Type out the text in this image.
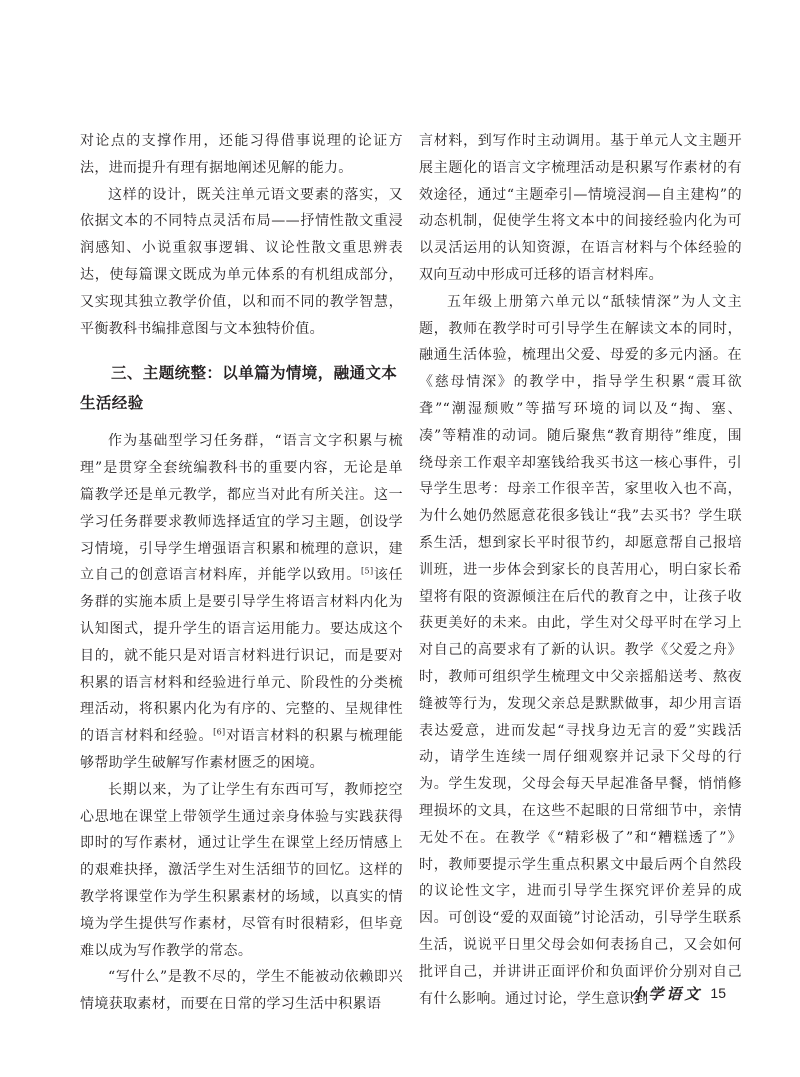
对论点的支撑作用，还能习得借事说理的论证方法，进而提升有理有据地阐述见解的能力。

这样的设计，既关注单元语文要素的落实，又依据文本的不同特点灵活布局——抒情性散文重浸润感知、小说重叙事逻辑、议论性散文重思辨表达，使每篇课文既成为单元体系的有机组成部分，又实现其独立教学价值，以和而不同的教学智慧，平衡教科书编排意图与文本独特价值。

三、主题统整：以单篇为情境，融通文本生活经验

作为基础型学习任务群，“语言文字积累与梳理”是贯穿全套统编教科书的重要内容，无论是单篇教学还是单元教学，都应当对此有所关注。这一学习任务群要求教师选择适宜的学习主题，创设学习情境，引导学生增强语言积累和梳理的意识，建立自己的创意语言材料库，并能学以致用。[5]该任务群的实施本质上是要引导学生将语言材料内化为认知图式，提升学生的语言运用能力。要达成这个目的，就不能只是对语言材料进行识记，而是要对积累的语言材料和经验进行单元、阶段性的分类梳理活动，将积累内化为有序的、完整的、呈规律性的语言材料和经验。[6]对语言材料的积累与梳理能够帮助学生破解写作素材匮乏的困境。

长期以来，为了让学生有东西可写，教师挖空心思地在课堂上带领学生通过亲身体验与实践获得即时的写作素材，通过让学生在课堂上经历情感上的艰难抉择，激活学生对生活细节的回忆。这样的教学将课堂作为学生积累素材的场域，以真实的情境为学生提供写作素材，尽管有时很精彩，但毕竟难以成为写作教学的常态。

“写什么”是教不尽的，学生不能被动依赖即兴情境获取素材，而要在日常的学习生活中积累语

言材料，到写作时主动调用。基于单元人文主题开展主题化的语言文字梳理活动是积累写作素材的有效途径，通过“主题牵引—情境浸润—自主建构”的动态机制，促使学生将文本中的间接经验内化为可以灵活运用的认知资源，在语言材料与个体经验的双向互动中形成可迁移的语言材料库。

五年级上册第六单元以“舐犊情深”为人文主题，教师在教学时可引导学生在解读文本的同时，融通生活体验，梳理出父爱、母爱的多元内涵。在《慈母情深》的教学中，指导学生积累“震耳欲聋”“潮湿颓败”等描写环境的词以及“掏、塞、凑”等精准的动词。随后聚焦“教育期待”维度，围绕母亲工作艰辛却塞钱给我买书这一核心事件，引导学生思考：母亲工作很辛苦，家里收入也不高，为什么她仍然愿意花很多钱让“我”去买书？学生联系生活，想到家长平时很节约，却愿意帮自己报培训班，进一步体会到家长的良苦用心，明白家长希望将有限的资源倾注在后代的教育之中，让孩子收获更美好的未来。由此，学生对父母平时在学习上对自己的高要求有了新的认识。教学《父爱之舟》时，教师可组织学生梳理文中父亲摇船送考、熬夜缝被等行为，发现父亲总是默默做事，却少用言语表达爱意，进而发起“寻找身边无言的爱”实践活动，请学生连续一周仔细观察并记录下父母的行为。学生发现，父母会每天早起准备早餐，悄悄修理损坏的文具，在这些不起眼的日常细节中，亲情无处不在。在教学《“精彩极了”和“糟糕透了”》时，教师要提示学生重点积累文中最后两个自然段的议论性文字，进而引导学生探究评价差异的成因。可创设“爱的双面镜”讨论活动，引导学生联系生活，说说平日里父母会如何表扬自己，又会如何批评自己，并讲讲正面评价和负面评价分别对自己有什么影响。通过讨论，学生意识到

小学语文 15
